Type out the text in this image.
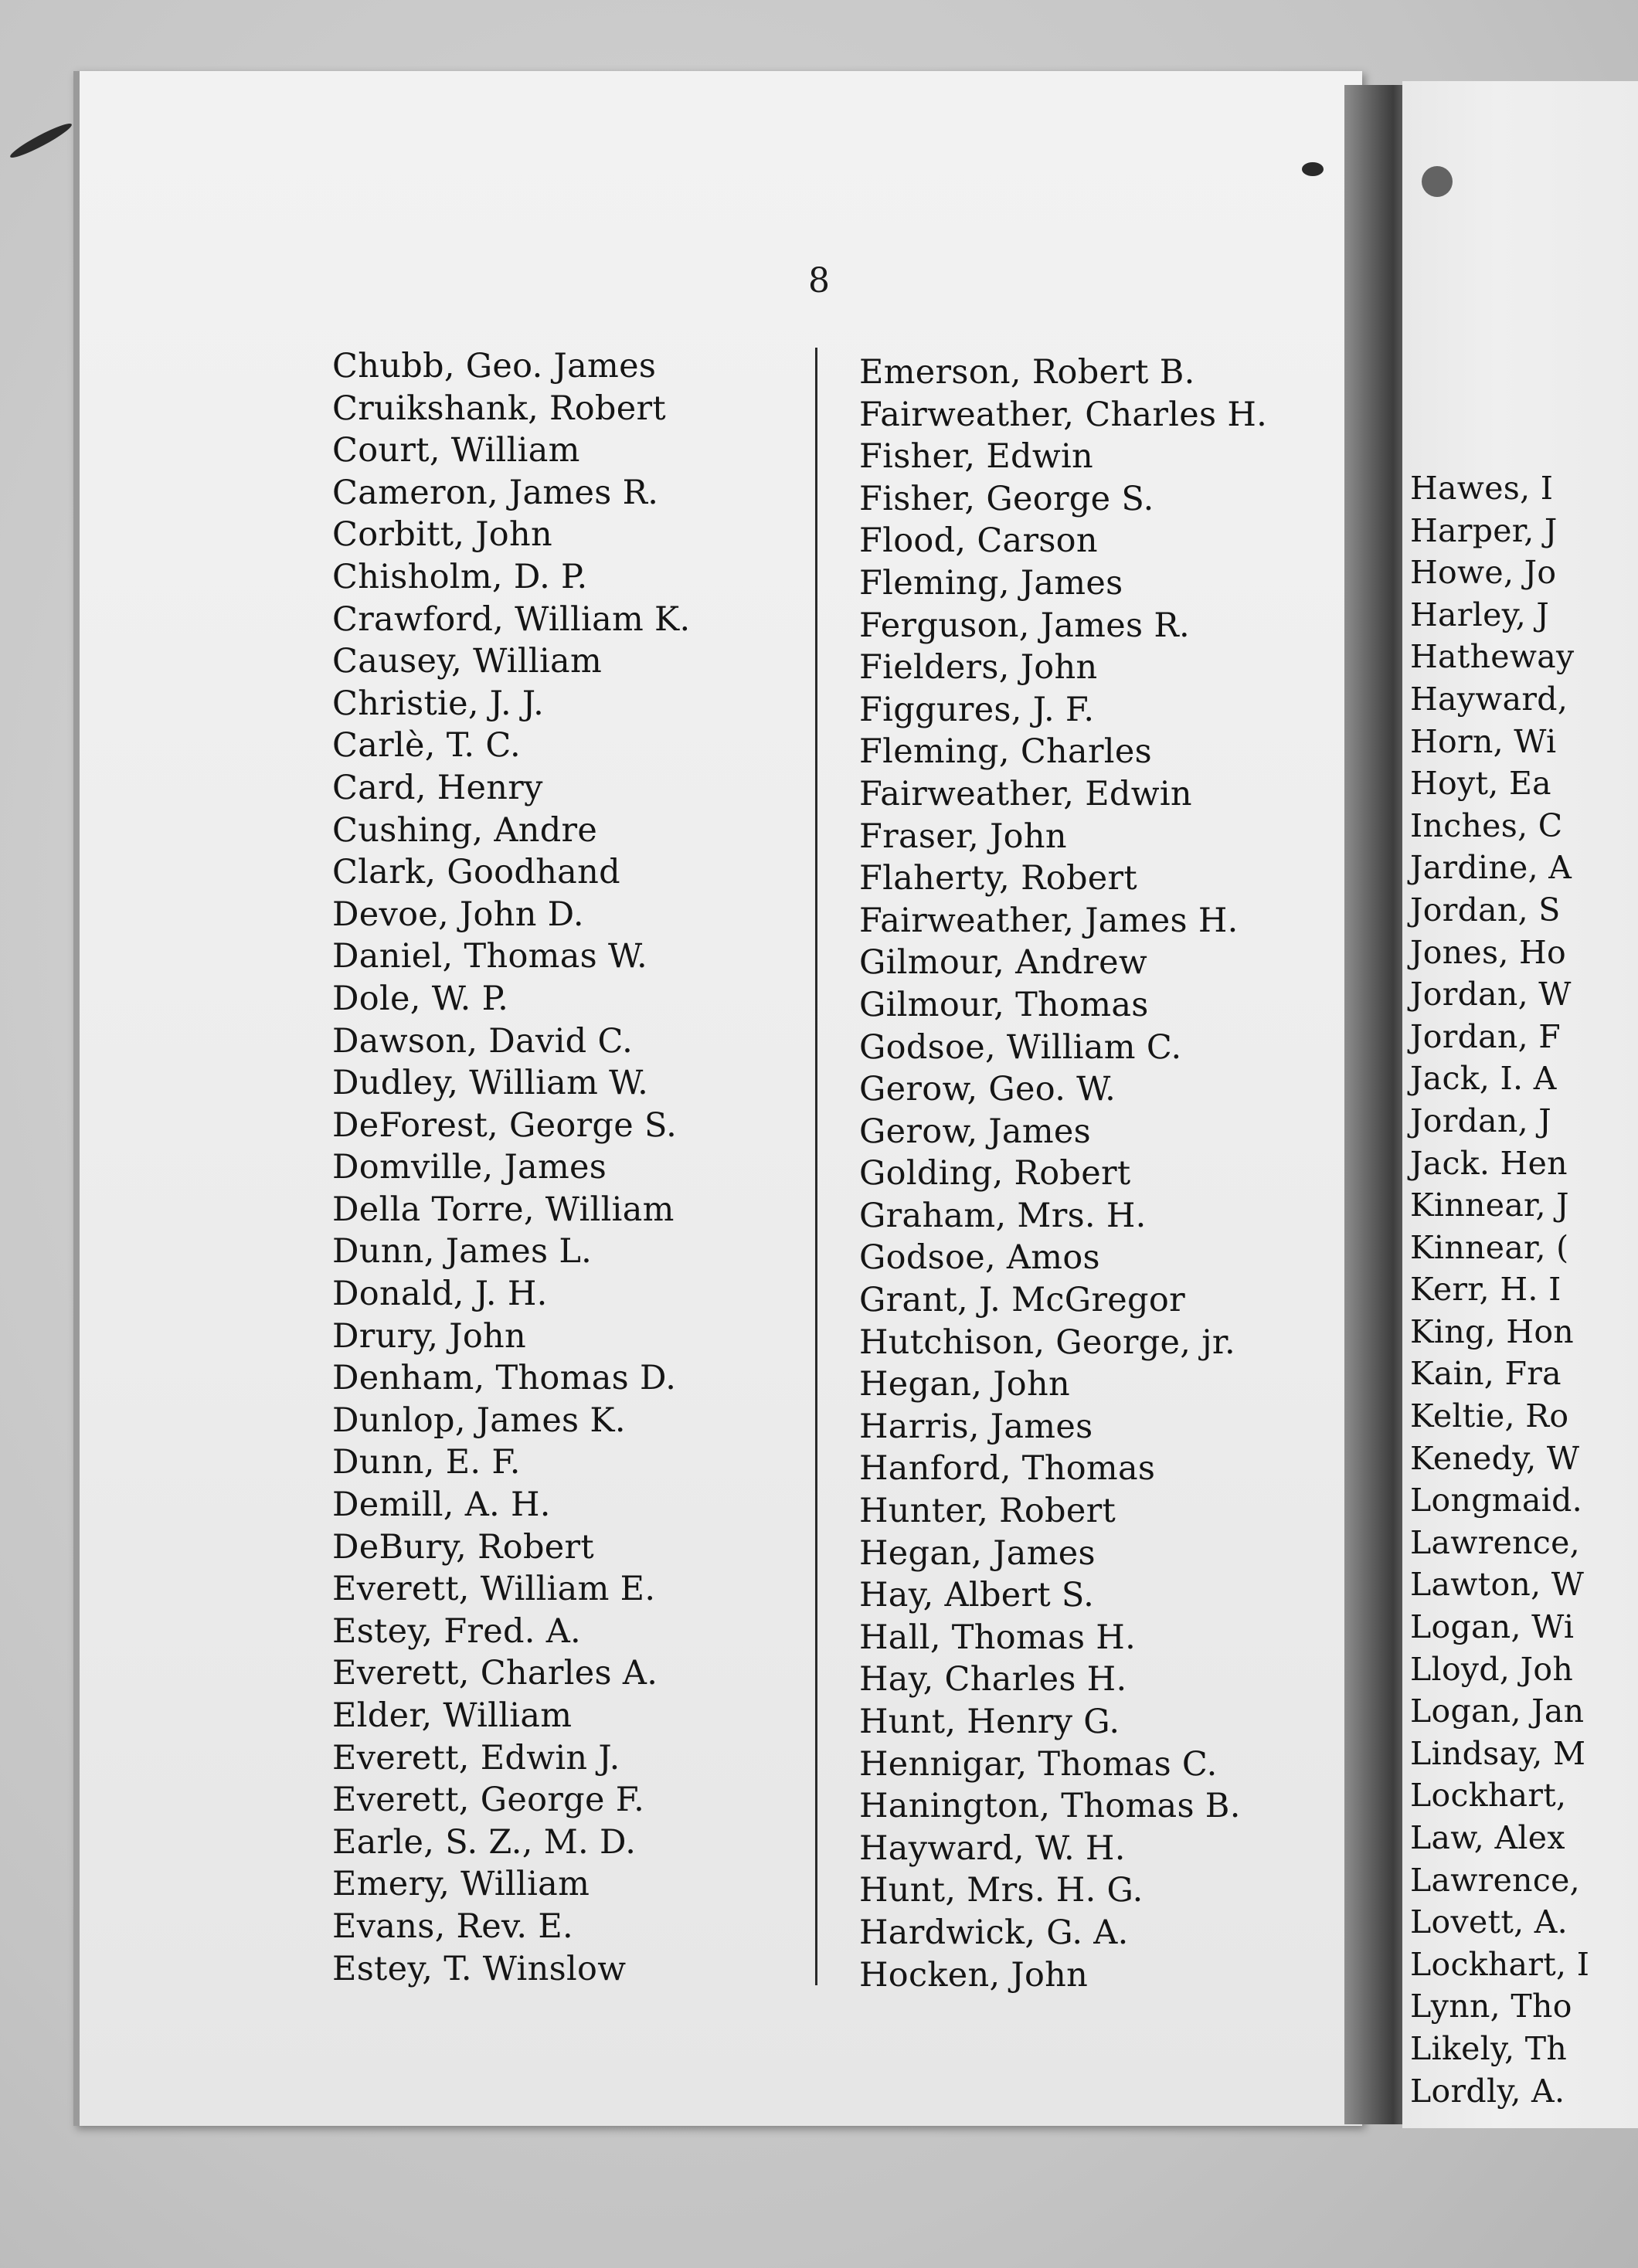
Hawes, I
Harper, J
Howe, Jo
Harley, J
Hatheway
Hayward,
Horn, Wi
Hoyt, Ea
Inches, C
Jardine, A
Jordan, S
Jones, Ho
Jordan, W
Jordan, F
Jack, I. A
Jordan, J
Jack. Hen
Kinnear, J
Kinnear, (
Kerr, H. I
King, Hon
Kain, Fra
Keltie, Ro
Kenedy, W
Longmaid.
Lawrence,
Lawton, W
Logan, Wi
Lloyd, Joh
Logan, Jan
Lindsay, M
Lockhart,
Law, Alex
Lawrence,
Lovett, A.
Lockhart, I
Lynn, Tho
Likely, Th
Lordly, A.
8
Chubb, Geo. James
Cruikshank, Robert
Court, William
Cameron, James R.
Corbitt, John
Chisholm, D. P.
Crawford, William K.
Causey, William
Christie, J. J.
Carlè, T. C.
Card, Henry
Cushing, Andre
Clark, Goodhand
Devoe, John D.
Daniel, Thomas W.
Dole, W. P.
Dawson, David C.
Dudley, William W.
DeForest, George S.
Domville, James
Della Torre, William
Dunn, James L.
Donald, J. H.
Drury, John
Denham, Thomas D.
Dunlop, James K.
Dunn, E. F.
Demill, A. H.
DeBury, Robert
Everett, William E.
Estey, Fred. A.
Everett, Charles A.
Elder, William
Everett, Edwin J.
Everett, George F.
Earle, S. Z., M. D.
Emery, William
Evans, Rev. E.
Estey, T. Winslow
Emerson, Robert B.
Fairweather, Charles H.
Fisher, Edwin
Fisher, George S.
Flood, Carson
Fleming, James
Ferguson, James R.
Fielders, John
Figgures, J. F.
Fleming, Charles
Fairweather, Edwin
Fraser, John
Flaherty, Robert
Fairweather, James H.
Gilmour, Andrew
Gilmour, Thomas
Godsoe, William C.
Gerow, Geo. W.
Gerow, James
Golding, Robert
Graham, Mrs. H.
Godsoe, Amos
Grant, J. McGregor
Hutchison, George, jr.
Hegan, John
Harris, James
Hanford, Thomas
Hunter, Robert
Hegan, James
Hay, Albert S.
Hall, Thomas H.
Hay, Charles H.
Hunt, Henry G.
Hennigar, Thomas C.
Hanington, Thomas B.
Hayward, W. H.
Hunt, Mrs. H. G.
Hardwick, G. A.
Hocken, John
